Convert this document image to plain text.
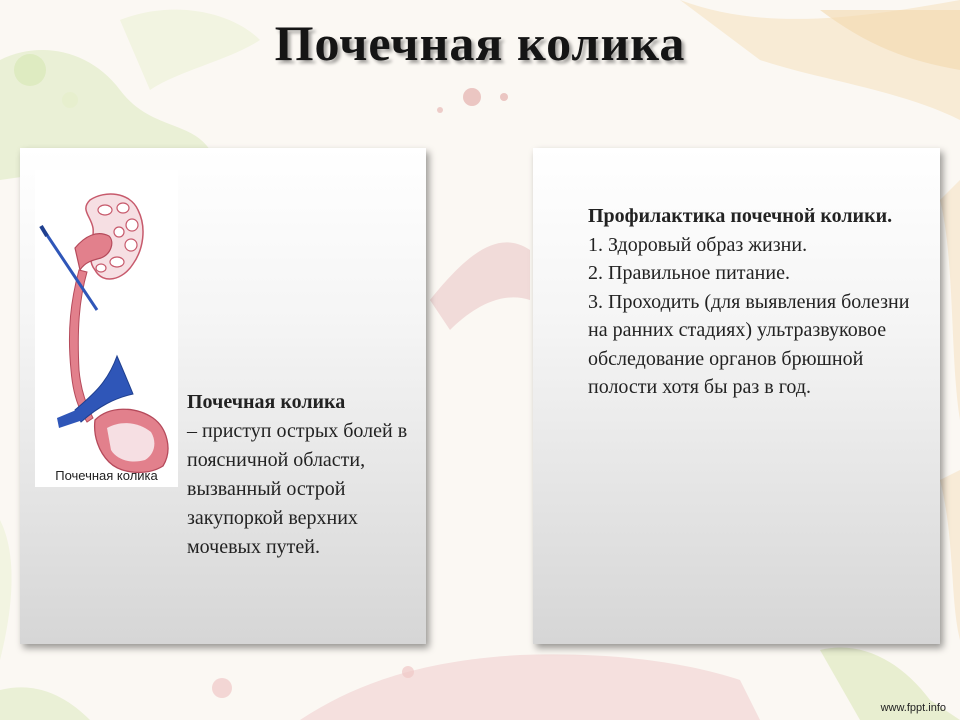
Почечная колика
Почечная колика
Почечная колика
– приступ острых болей в поясничной области, вызванный острой закупоркой верхних мочевых путей.
Профилактика почечной колики.
1. Здоровый образ жизни.
2. Правильное питание.
3. Проходить (для выявления болезни на ранних стадиях) ультразвуковое обследование органов брюшной полости хотя бы раз в год.
www.fppt.info
